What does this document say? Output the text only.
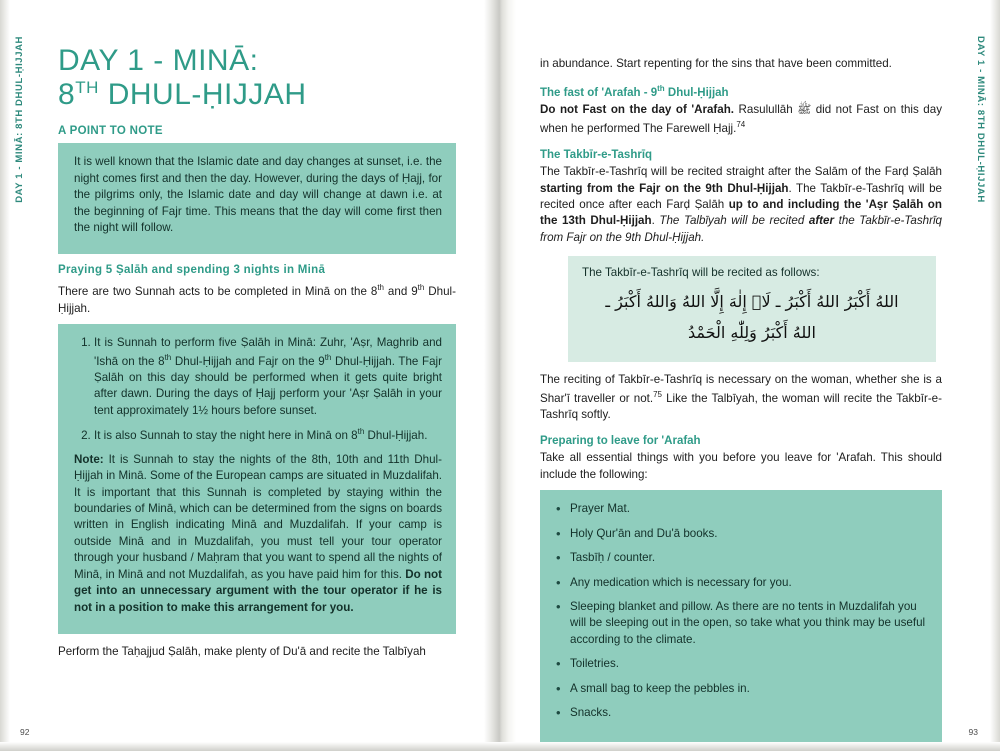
DAY 1 - MINĀ: 8TH DHUL-ḤIJJAH DAY 1 - MINĀ:
8TH DHUL-ḤIJJAH
A POINT TO NOTE

It is well known that the Islamic date and day changes at sunset, i.e. the night comes first and then the day. However, during the days of Ḥajj, for the pilgrims only, the Islamic date and day will change at dawn i.e. at the beginning of Fajr time. This means that the day will come first then the night will follow.

Praying 5 Ṣalāh and spending 3 nights in Minā

There are two Sunnah acts to be completed in Minā on the 8th and 9th Dhul-Ḥijjah.

1. It is Sunnah to perform five Ṣalāh in Minā: Zuhr, 'Aṣr, Maghrib and 'Ishā on the 8th Dhul-Ḥijjah and Fajr on the 9th Dhul-Ḥijjah. The Fajr Ṣalāh on this day should be performed when it gets quite bright after dawn. During the days of Ḥajj perform your 'Aṣr Ṣalāh in your tent approximately 1½ hours before sunset.
2. It is also Sunnah to stay the night here in Minā on 8th Dhul-Ḥijjah.

Note: It is Sunnah to stay the nights of the 8th, 10th and 11th Dhul-Ḥijjah in Minā. Some of the European camps are situated in Muzdalifah. It is important that this Sunnah is completed by staying within the boundaries of Minā, which can be determined from the signs on boards written in English indicating Minā and Muzdalifah. If your camp is outside Minā and in Muzdalifah, you must tell your tour operator through your husband / Maḥram that you want to spend all the nights of Minā, in Minā and not Muzdalifah, as you have paid him for this. Do not get into an unnecessary argument with the tour operator if he is not in a position to make this arrangement for you.

Perform the Taḥajjud Ṣalāh, make plenty of Du'ā and recite the Talbīyah

92
DAY 1 - MINĀ: 8TH DHUL-ḤIJJAH

in abundance. Start repenting for the sins that have been committed.

The fast of 'Arafah - 9th Dhul-Ḥijjah

Do not Fast on the day of 'Arafah. Rasulullāh ﷺ did not Fast on this day when he performed The Farewell Ḥajj.$^{74}$

The Takbīr-e-Tashrīq

The Takbīr-e-Tashrīq will be recited straight after the Salām of the Farḍ Ṣalāh starting from the Fajr on the 9th Dhul-Ḥijjah. The Takbīr-e-Tashrīq will be recited once after each Farḍ Ṣalāh up to and including the 'Aṣr Ṣalāh on the 13th Dhul-Ḥijjah. The Talbīyah will be recited after the Takbīr-e-Tashrīq from Fajr on the 9th Dhul-Ḥijjah.

The Takbīr-e-Tashrīq will be recited as follows:
اللهُ أَكْبَرُ اللهُ أَكْبَرُ ـ لَاۤ إِلٰهَ إِلَّا اللهُ وَاللهُ أَكْبَرُ ـ
اللهُ أَكْبَرُ وَلِلّٰهِ الْحَمْدُ

The reciting of Takbīr-e-Tashrīq is necessary on the woman, whether she is a Shar'ī traveller or not.$^{75}$ Like the Talbīyah, the woman will recite the Takbīr-e-Tashrīq softly.

Preparing to leave for 'Arafah

Take all essential things with you before you leave for 'Arafah. This should include the following:

• Prayer Mat.
• Holy Qur'ān and Du'ā books.
• Tasbīḥ / counter.
• Any medication which is necessary for you.
• Sleeping blanket and pillow. As there are no tents in Muzdalifah you will be sleeping out in the open, so take what you think may be useful according to the climate.
• Toiletries.
• A small bag to keep the pebbles in.
• Snacks.
93
